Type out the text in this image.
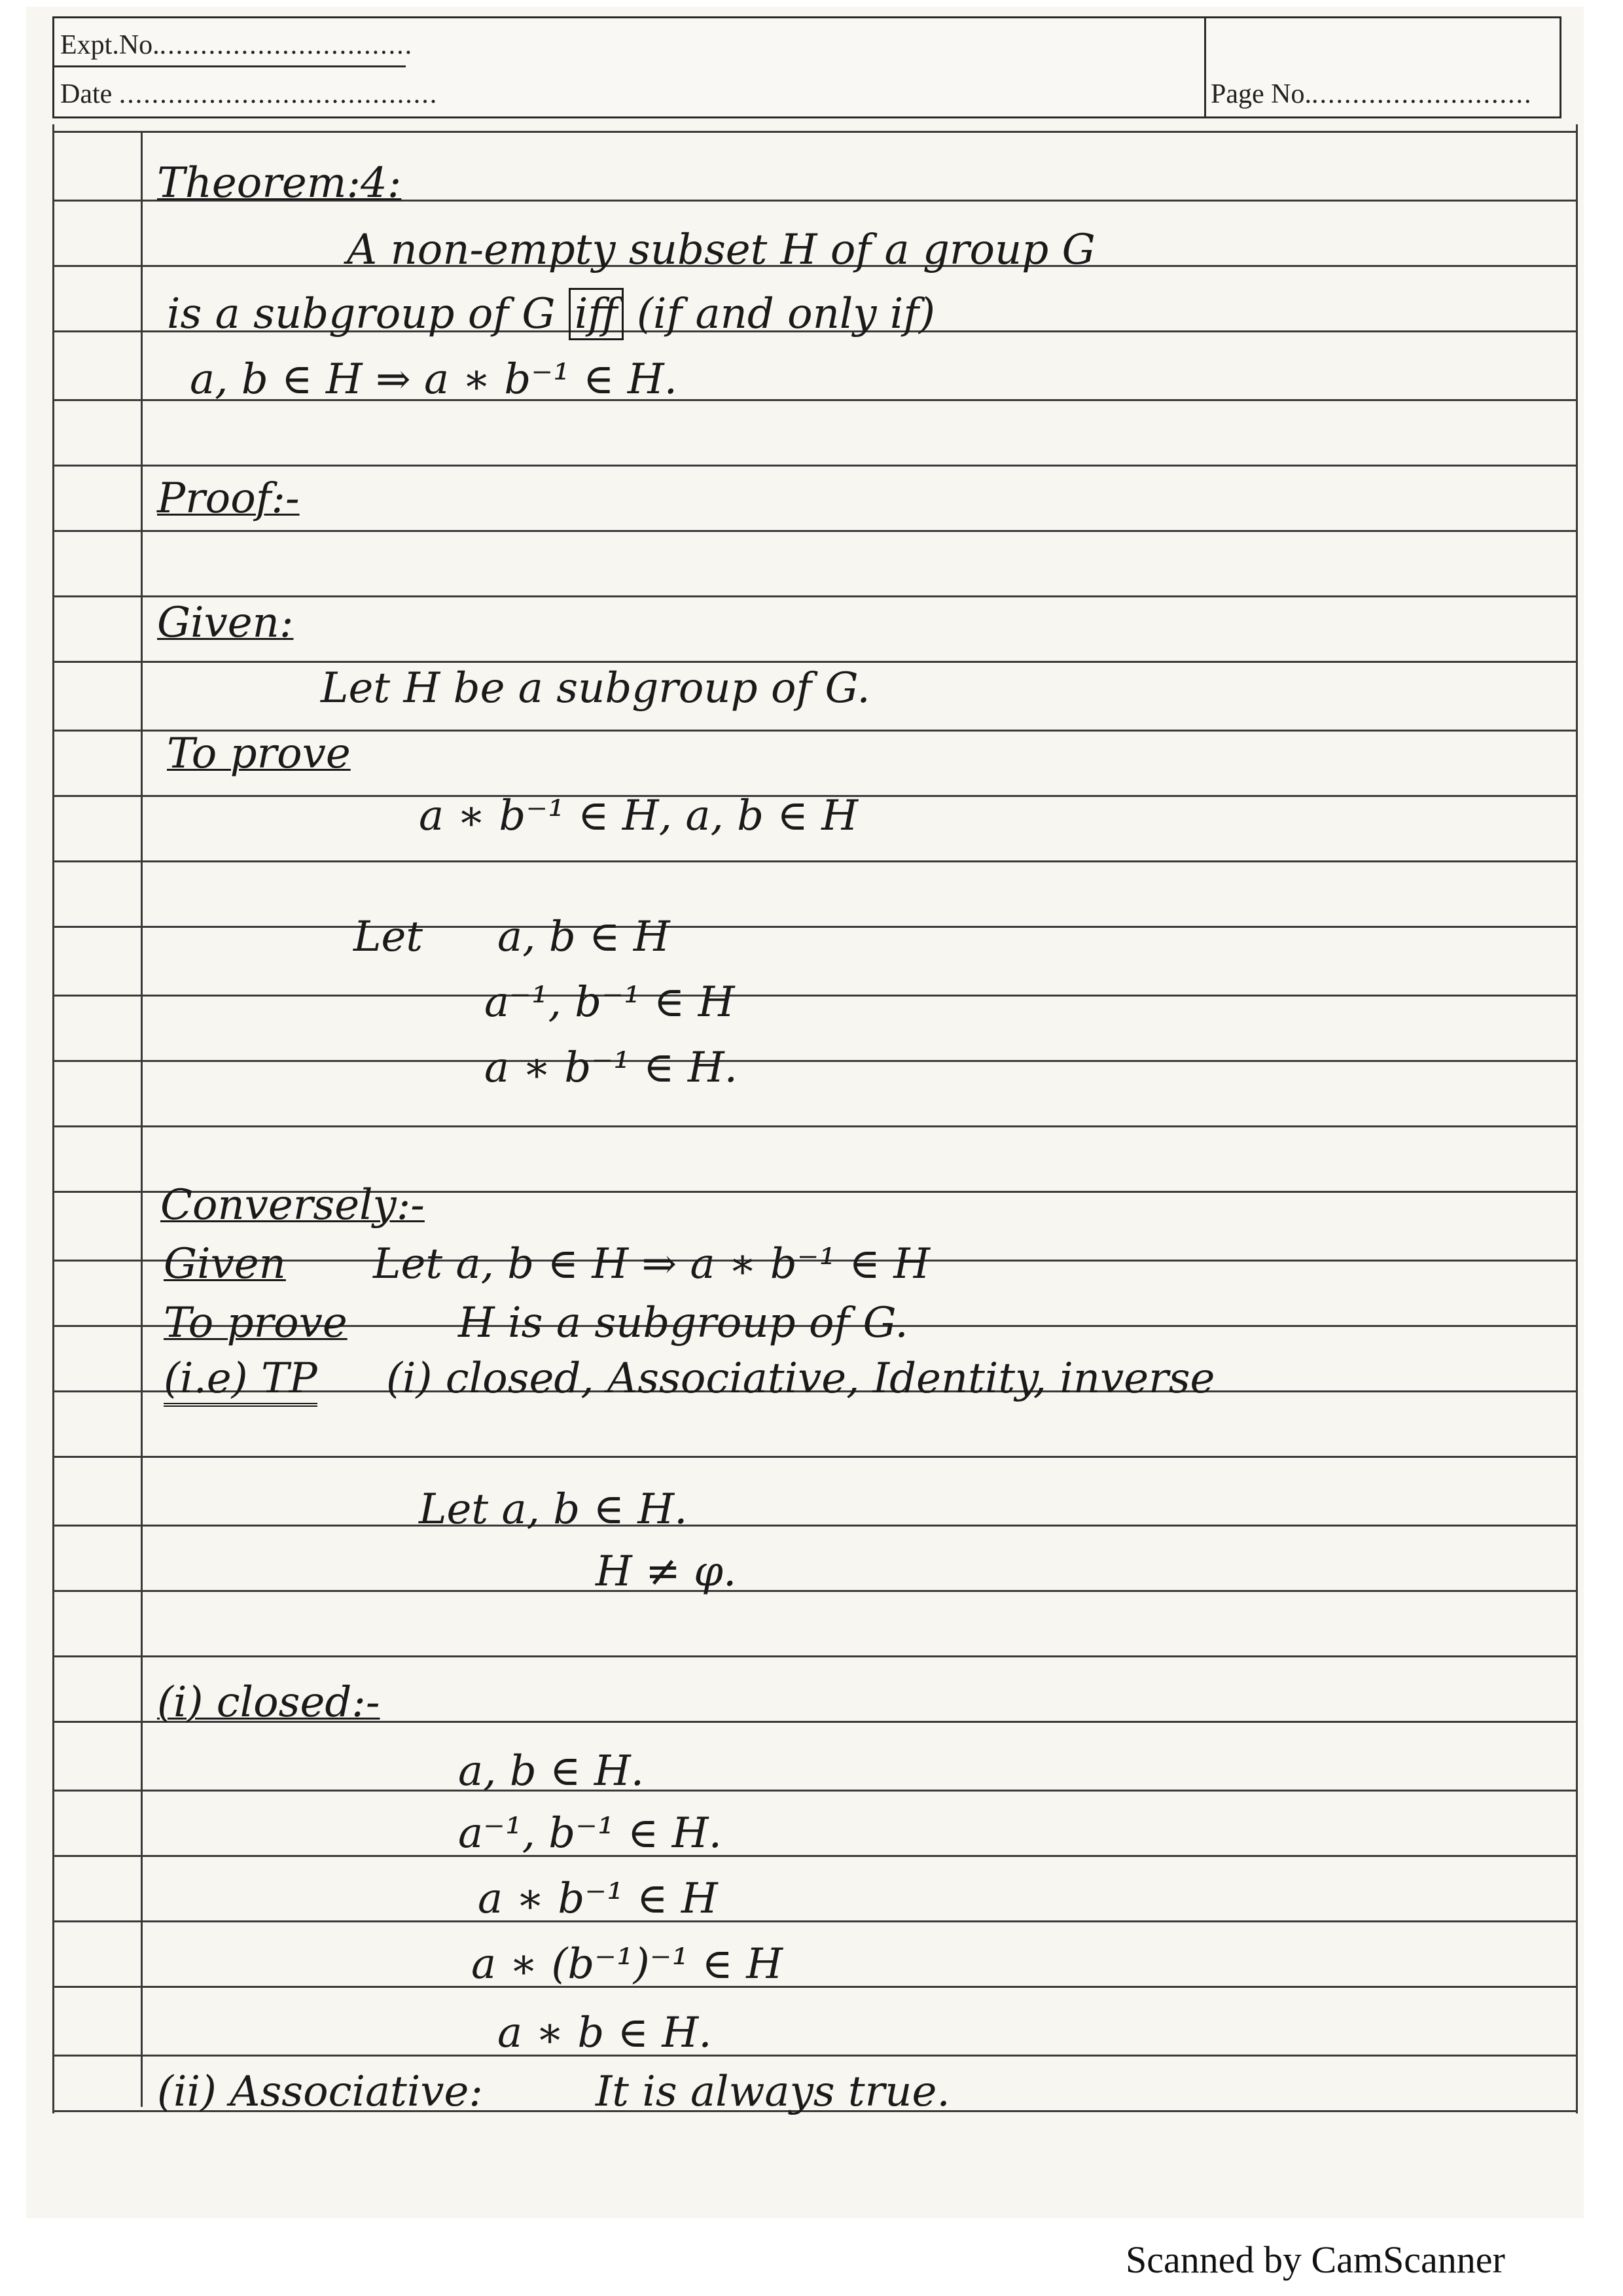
Expt.No................................
Date .......................................	Page No............................
Theorem:4:
A non-empty subset H of a group G
is a subgroup of G iff (if and only if)
a, b ∈ H ⇒ a ∗ b⁻¹ ∈ H.
Proof:-
Given:
Let H be a subgroup of G.
To prove
a ∗ b⁻¹ ∈ H, a, b ∈ H
Let a, b ∈ H
a⁻¹, b⁻¹ ∈ H
a ∗ b⁻¹ ∈ H.
Conversely:-
Given Let a, b ∈ H ⇒ a ∗ b⁻¹ ∈ H
To prove	H is a subgroup of G.
(i.e) TP (i) closed, Associative, Identity, inverse
Let a, b ∈ H.
H ≠ φ.
(i) closed:-
a, b ∈ H.
a⁻¹, b⁻¹ ∈ H.
a ∗ b⁻¹ ∈ H
a ∗ (b⁻¹)⁻¹ ∈ H
a ∗ b ∈ H.
(ii) Associative:	It is always true.
Scanned by CamScanner
